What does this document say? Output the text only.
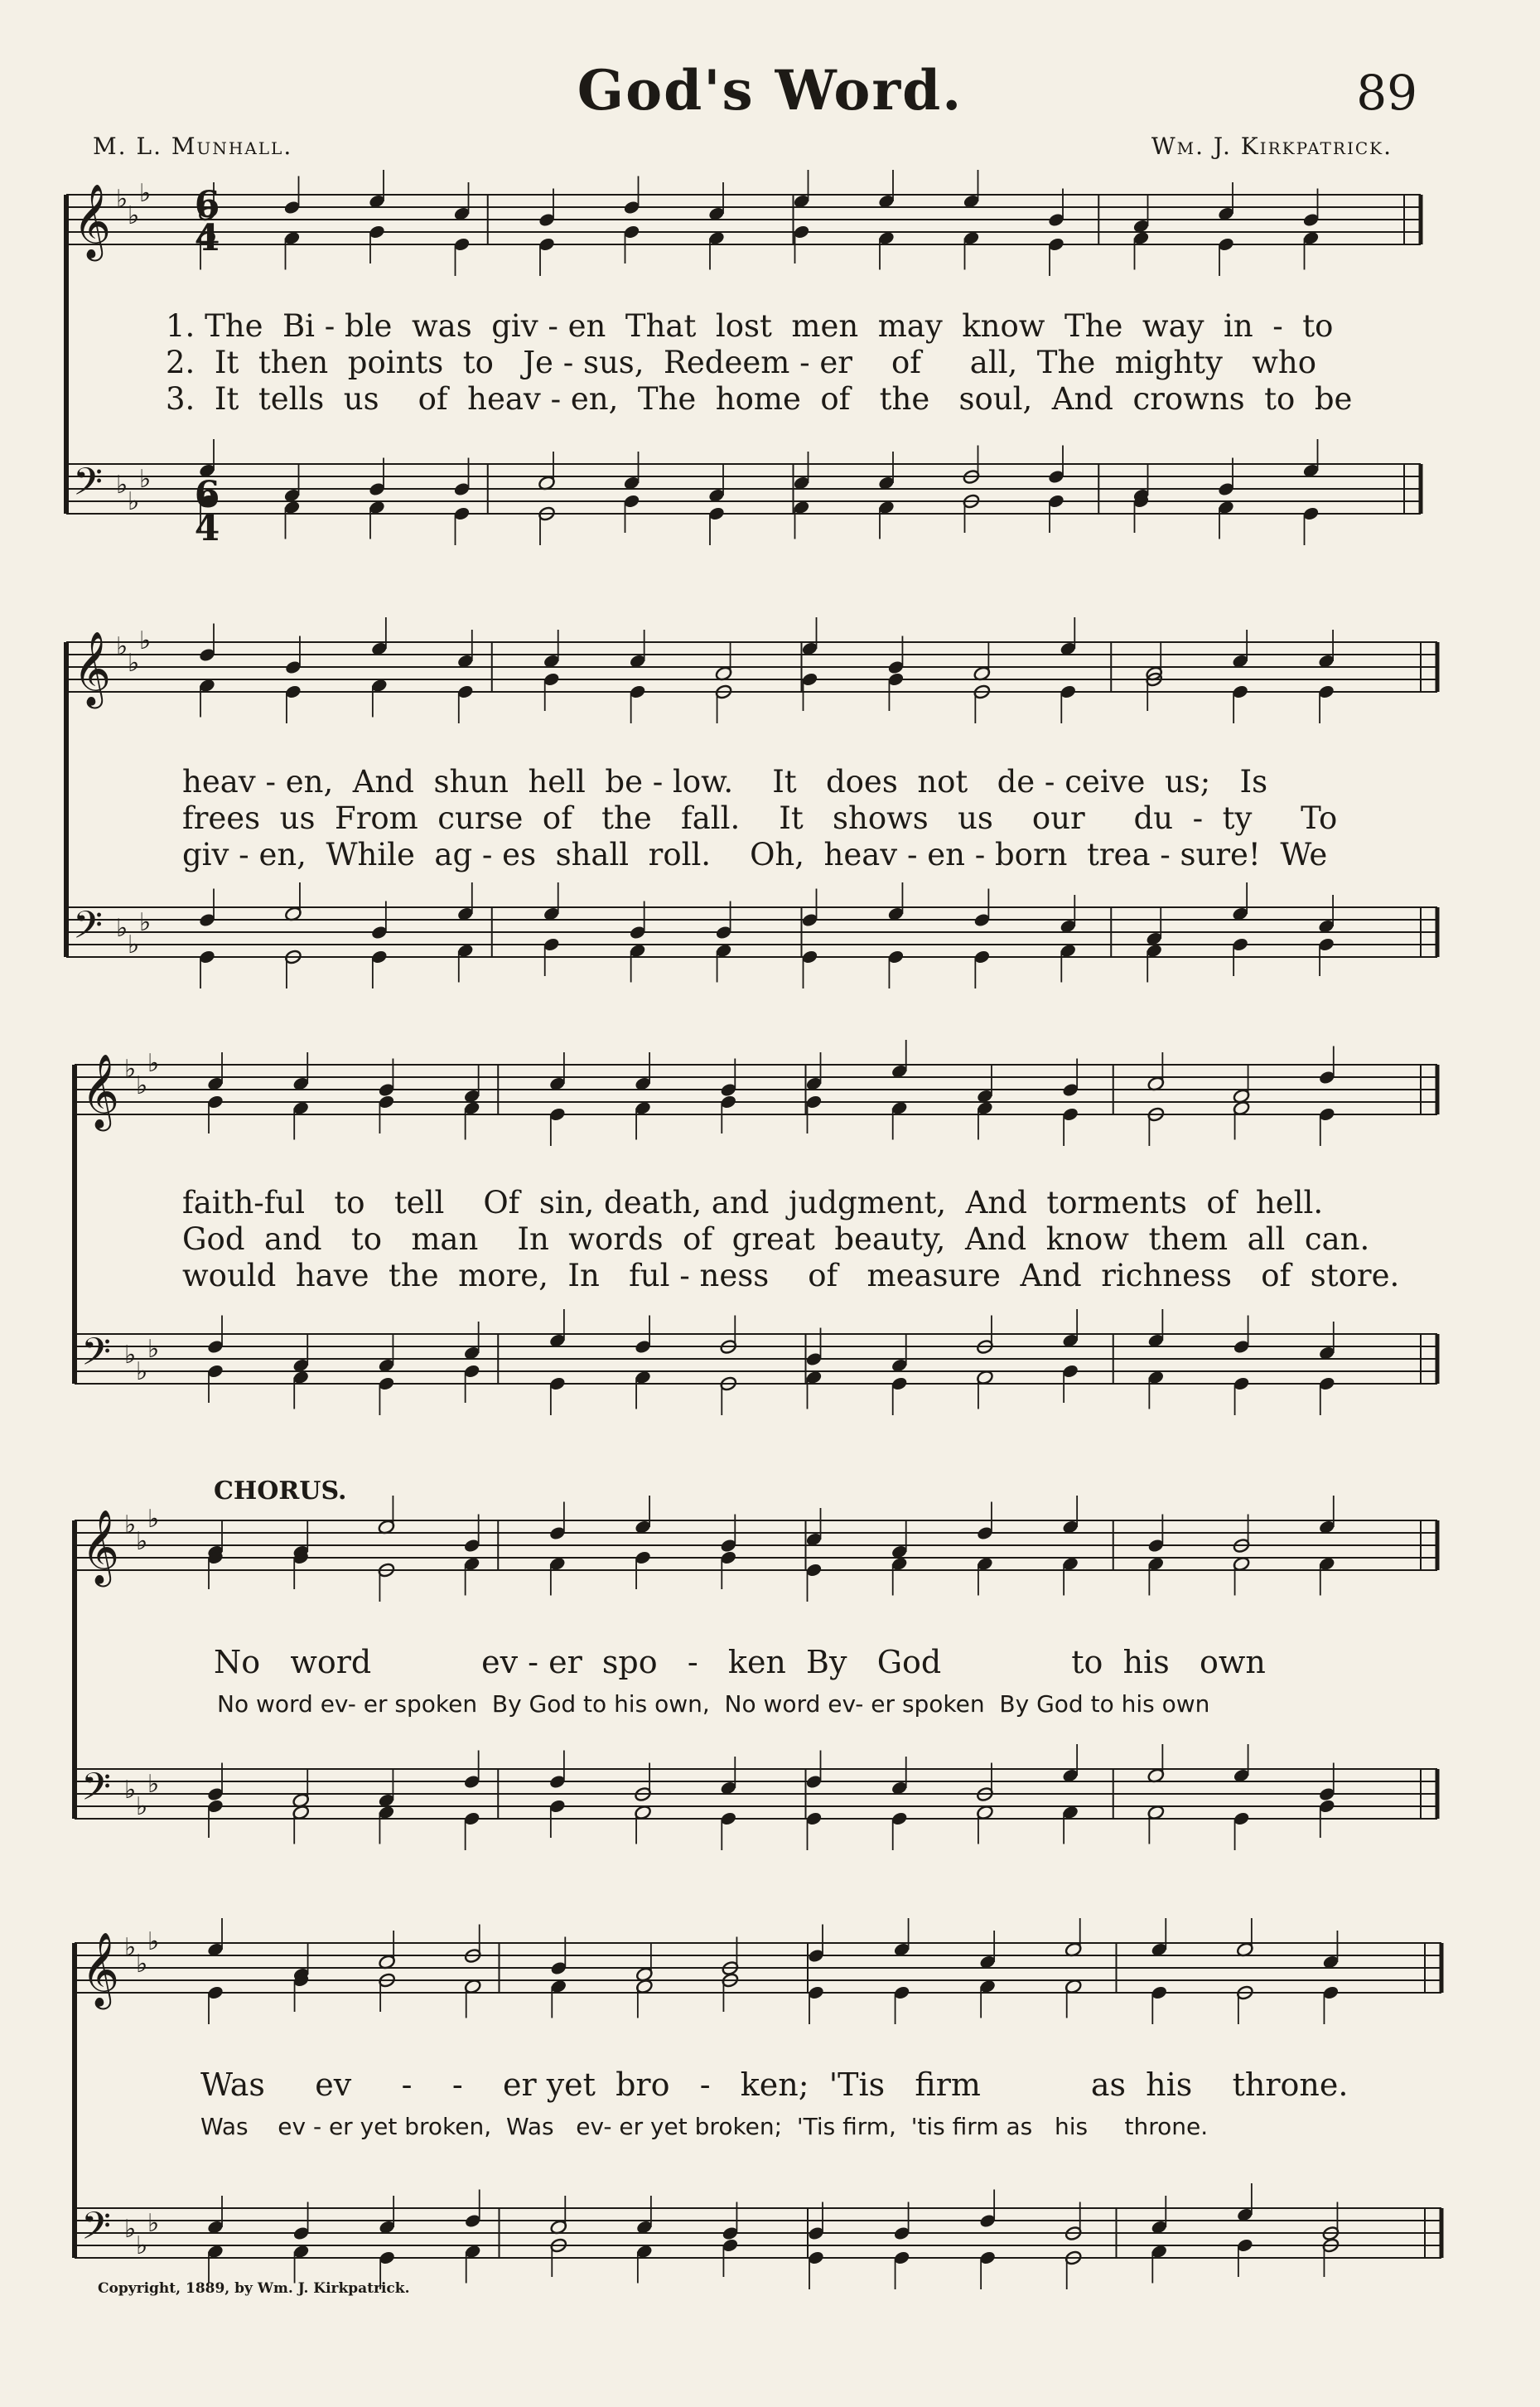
God's Word.	89
M. L. Munhall.	Wm. J. Kirkpatrick.
𝄞 ♭
♭
♭
𝄢 ♭
♭
♭
𝄞 ♭
♭
♭
𝄢 ♭
♭
♭
𝄞 ♭
♭
♭
𝄢 ♭
♭
♭
𝄞 ♭
♭
♭
𝄢 ♭
♭
♭
𝄞 ♭
♭
♭
𝄢 ♭
♭
♭
6
4
6
4
1. The  Bi - ble  was  giv - en  That  lost  men  may  know  The  way  in  -  to
2.  It  then  points  to   Je - sus,  Redeem - er    of     all,  The  mighty   who
3.  It  tells  us    of  heav - en,  The  home  of   the   soul,  And  crowns  to  be
heav - en,  And  shun  hell  be - low.    It   does  not   de - ceive  us;   Is
frees  us  From  curse  of   the   fall.    It   shows   us    our     du  -  ty     To
giv - en,  While  ag - es  shall  roll.    Oh,  heav - en - born  trea - sure!  We
faith-ful   to   tell    Of  sin, death, and  judgment,  And  torments  of  hell.
God  and   to   man    In  words  of  great  beauty,  And  know  them  all  can.
would  have  the  more,  In   ful - ness    of   measure  And  richness   of  store.
CHORUS.
No   word           ev - er  spo   -   ken  By   God             to  his   own
No word ev- er spoken  By God to his own,  No word ev- er spoken  By God to his own
Was     ev     -    -    er yet  bro   -   ken;  'Tis   firm           as  his    throne.
Was    ev - er yet broken,  Was   ev- er yet broken;  'Tis firm,  'tis firm as   his     throne.
Copyright, 1889, by Wm. J. Kirkpatrick.
